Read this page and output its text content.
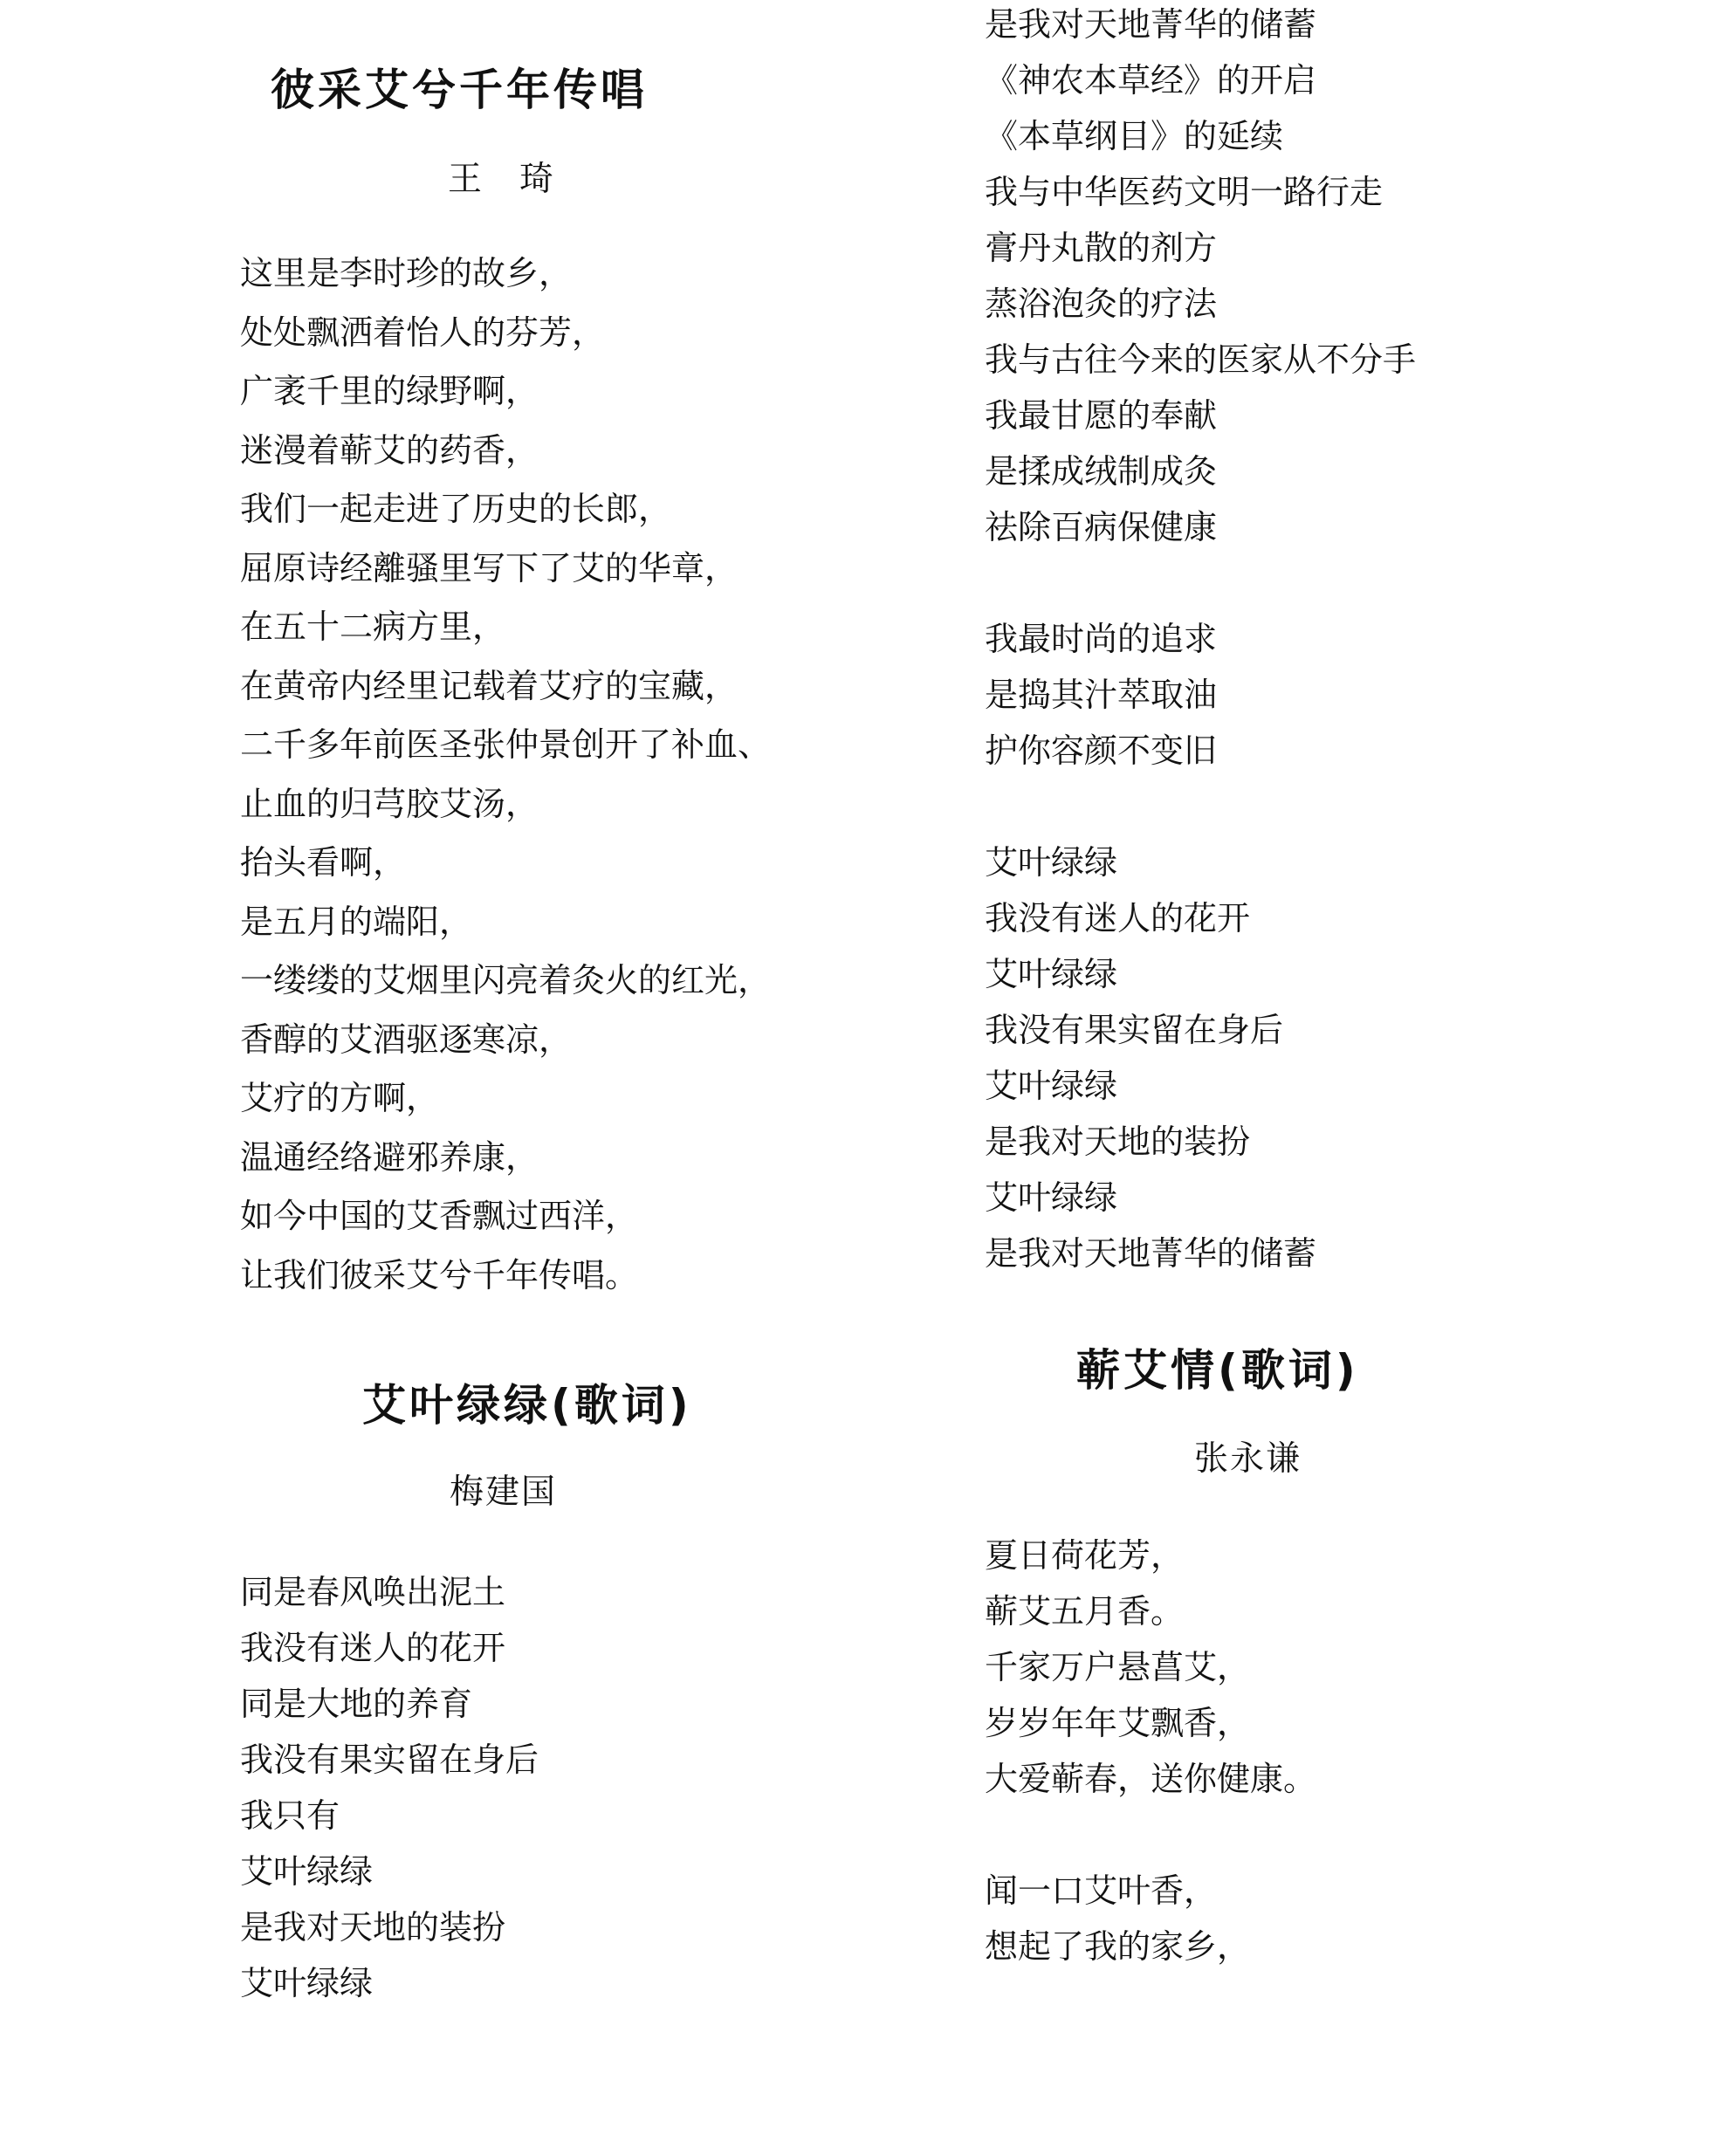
彼采艾兮千年传唱
王　琦
这里是李时珍的故乡，
处处飘洒着怡人的芬芳，
广袤千里的绿野啊，
迷漫着蕲艾的药香，
我们一起走进了历史的长郎，
屈原诗经離骚里写下了艾的华章，
在五十二病方里，
在黄帝内经里记载着艾疗的宝藏，
二千多年前医圣张仲景创开了补血、
止血的归芎胶艾汤，
抬头看啊，
是五月的端阳，
一缕缕的艾烟里闪亮着灸火的红光，
香醇的艾酒驱逐寒凉，
艾疗的方啊，
温通经络避邪养康，
如今中国的艾香飘过西洋，
让我们彼采艾兮千年传唱。
艾叶绿绿(歌词)
梅建国
同是春风唤出泥土
我没有迷人的花开
同是大地的养育
我没有果实留在身后
我只有
艾叶绿绿
是我对天地的装扮
艾叶绿绿
是我对天地菁华的储蓄
《神农本草经》的开启
《本草纲目》的延续
我与中华医药文明一路行走
膏丹丸散的剂方
蒸浴泡灸的疗法
我与古往今来的医家从不分手
我最甘愿的奉献
是揉成绒制成灸
祛除百病保健康
我最时尚的追求
是捣其汁萃取油
护你容颜不变旧
艾叶绿绿
我没有迷人的花开
艾叶绿绿
我没有果实留在身后
艾叶绿绿
是我对天地的装扮
艾叶绿绿
是我对天地菁华的储蓄
蕲艾情(歌词)
张永谦
夏日荷花芳，
蕲艾五月香。
千家万户悬菖艾，
岁岁年年艾飘香，
大爱蕲春，送你健康。
闻一口艾叶香，
想起了我的家乡，
